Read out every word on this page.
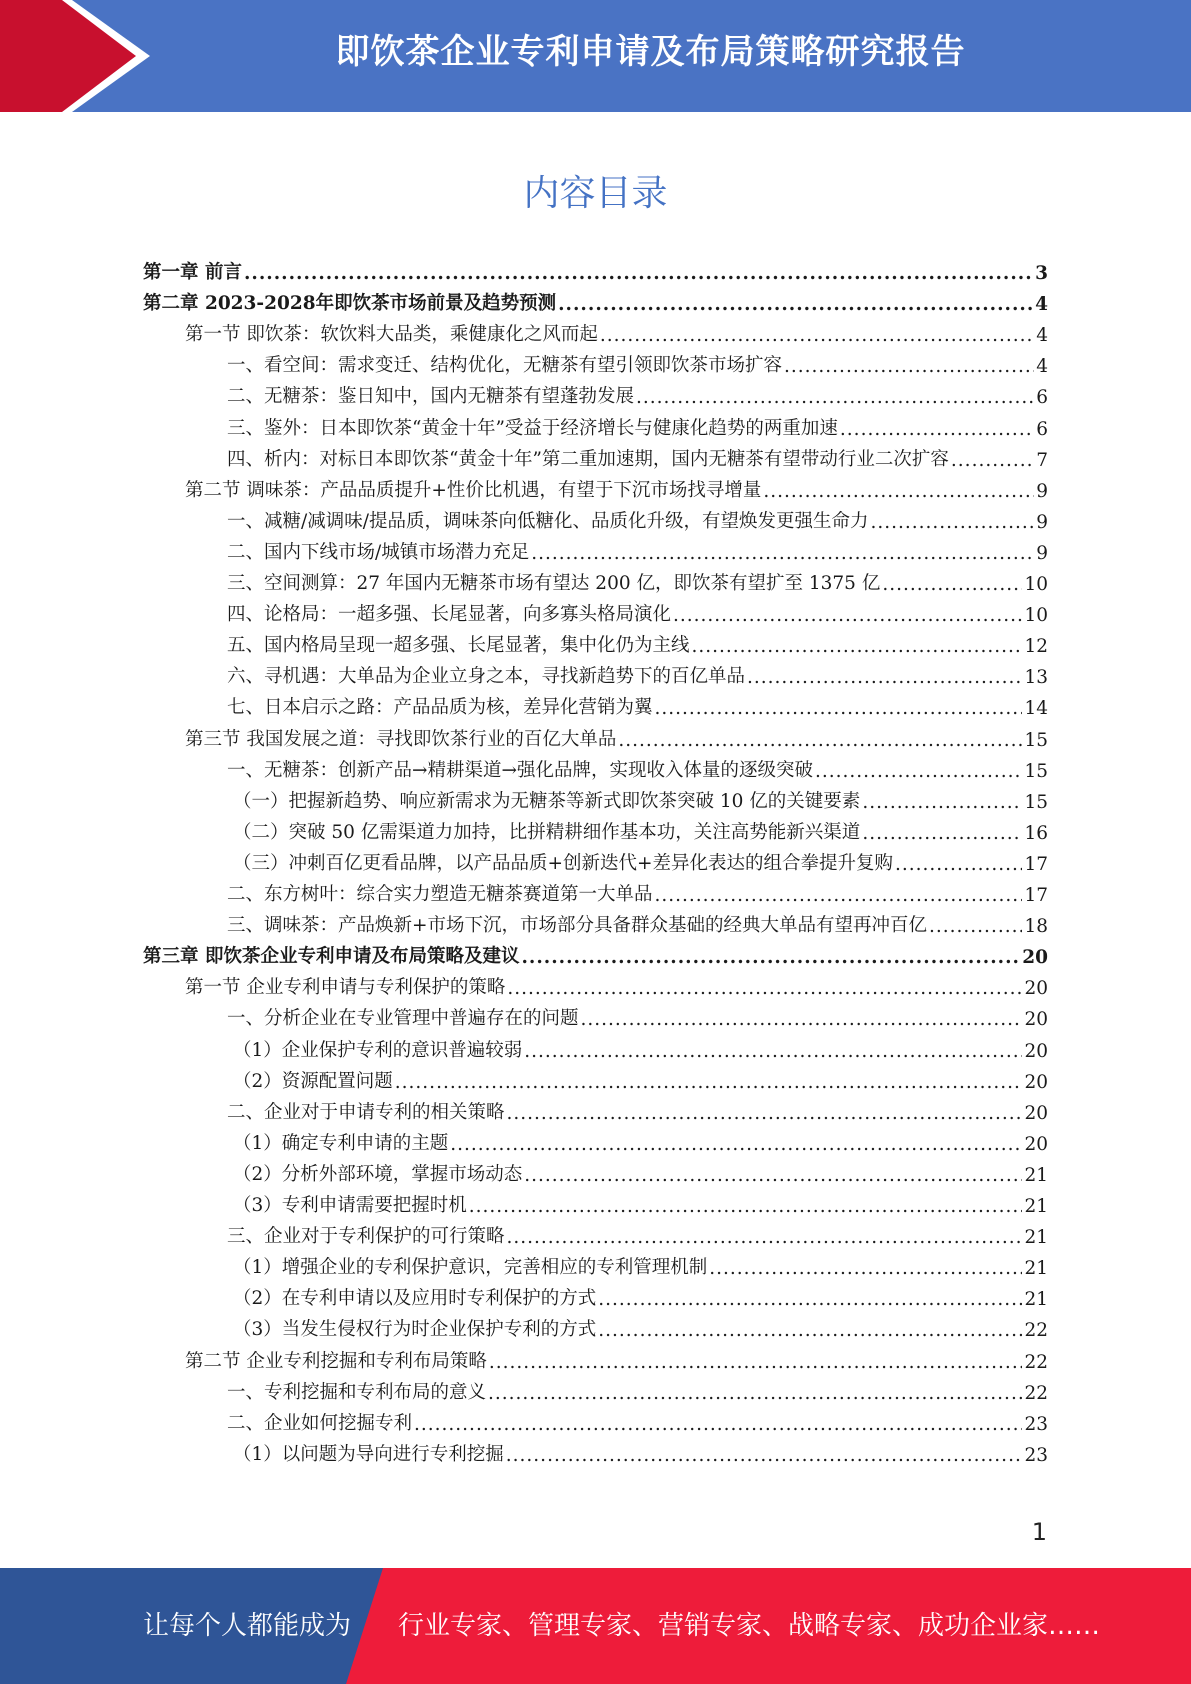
即饮茶企业专利申请及布局策略研究报告
内容目录
第一章 前言 .....	3
第二章 2023-2028年即饮茶市场前景及趋势预测 .....	4
第一节 即饮茶：软饮料大品类，乘健康化之风而起 .....	4
一、看空间：需求变迁、结构优化，无糖茶有望引领即饮茶市场扩容 .....	4
二、无糖茶：鉴日知中，国内无糖茶有望蓬勃发展 .....	6
三、鉴外：日本即饮茶“黄金十年”受益于经济增长与健康化趋势的两重加速 .....	6
四、析内：对标日本即饮茶“黄金十年”第二重加速期，国内无糖茶有望带动行业二次扩容 .....	7
第二节 调味茶：产品品质提升+性价比机遇，有望于下沉市场找寻增量 .....	9
一、减糖/减调味/提品质，调味茶向低糖化、品质化升级，有望焕发更强生命力 .....	9
二、国内下线市场/城镇市场潜力充足 .....	9
三、空间测算：27 年国内无糖茶市场有望达 200 亿，即饮茶有望扩至 1375 亿 .....	10
四、论格局：一超多强、长尾显著，向多寡头格局演化 .....	10
五、国内格局呈现一超多强、长尾显著，集中化仍为主线 .....	12
六、寻机遇：大单品为企业立身之本，寻找新趋势下的百亿单品 .....	13
七、日本启示之路：产品品质为核，差异化营销为翼 .....	14
第三节 我国发展之道：寻找即饮茶行业的百亿大单品 .....	15
一、无糖茶：创新产品→精耕渠道→强化品牌，实现收入体量的逐级突破 .....	15
（一）把握新趋势、响应新需求为无糖茶等新式即饮茶突破 10 亿的关键要素 .....	15
（二）突破 50 亿需渠道力加持，比拼精耕细作基本功，关注高势能新兴渠道 .....	16
（三）冲刺百亿更看品牌，以产品品质+创新迭代+差异化表达的组合拳提升复购 .....	17
二、东方树叶：综合实力塑造无糖茶赛道第一大单品 .....	17
三、调味茶：产品焕新+市场下沉，市场部分具备群众基础的经典大单品有望再冲百亿 .....	18
第三章 即饮茶企业专利申请及布局策略及建议 .....	20
第一节 企业专利申请与专利保护的策略 .....	20
一、分析企业在专业管理中普遍存在的问题 .....	20
（1）企业保护专利的意识普遍较弱 .....	20
（2）资源配置问题 .....	20
二、企业对于申请专利的相关策略 .....	20
（1）确定专利申请的主题 .....	20
（2）分析外部环境，掌握市场动态 .....	21
（3）专利申请需要把握时机 .....	21
三、企业对于专利保护的可行策略 .....	21
（1）增强企业的专利保护意识，完善相应的专利管理机制 .....	21
（2）在专利申请以及应用时专利保护的方式 .....	21
（3）当发生侵权行为时企业保护专利的方式 .....	22
第二节 企业专利挖掘和专利布局策略 .....	22
一、专利挖掘和专利布局的意义 .....	22
二、企业如何挖掘专利 .....	23
（1）以问题为导向进行专利挖掘 .....	23
1
让每个人都能成为 行业专家、管理专家、营销专家、战略专家、成功企业家……
